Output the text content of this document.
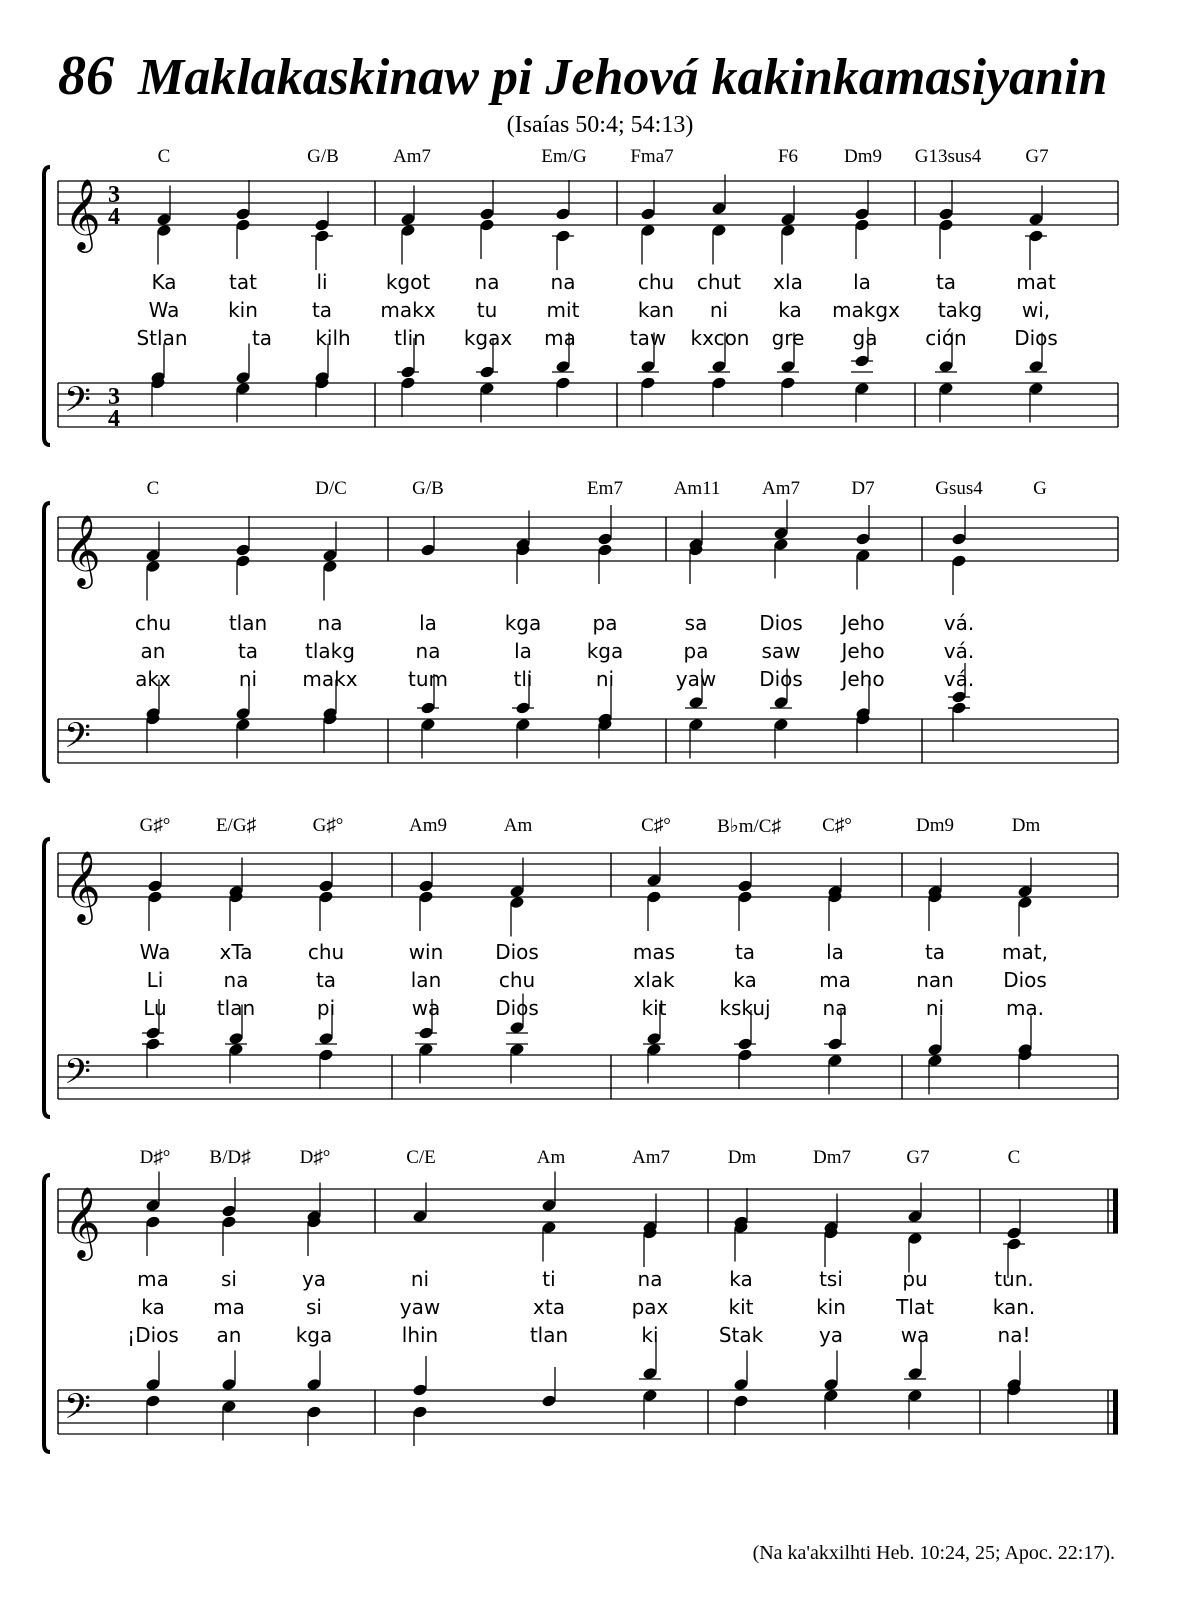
86 Maklakaskinaw pi Jehová kakinkamasiyanin
(Isaías 50:4; 54:13)
C	G/B	Am7	Em/G Fma7	F6 Dm9 G13sus4 G7
C	D/C	G/B	Em7	Am11 Am7	D7	Gsus4	G
G♯° E/G♯	G♯°	Am9	Am	C♯° B♭m/C♯ C♯°	Dm9	Dm
D♯° B/D♯	D♯°	C/E	Am	Am7	Dm	Dm7	G7	C
Ka	tat	li	kgot na	na	chu chut xla	la	ta	mat
Wa kin	ta makx tu mit	kan ni	ka makgx takg wi,
Stlan	ta kilh tlin kgax ma	taw kxcon gre ga ción Dios
chu	tlan	na	la	kga	pa	sa	Dios Jeho	vá.
an	ta tlakg	na	la	kga	pa	saw Jeho	vá.
akx	ni makx	tum	tli	ni	yaw Dios Jeho	vá.
Wa xTa	chu	win	Dios	mas	ta	la	ta	mat,
Li	na	ta	lan	chu	xlak	ka	ma	nan Dios
Lu	tlan	pi	wa	Dios	kit	kskuj	na	ni	ma.
ma	si	ya	ni	ti	na	ka	tsi	pu	tun.
ka ma	si	yaw	xta	pax	kit	kin	Tlat	kan.
¡Dios an	kga	lhin	tlan	ki	Stak	ya	wa	na!
𝄞 3
4
𝄢 3
4
𝄞
𝄢
𝄞
𝄢
𝄞
𝄢
(Na ka'akxilhti Heb. 10:24, 25; Apoc. 22:17).
